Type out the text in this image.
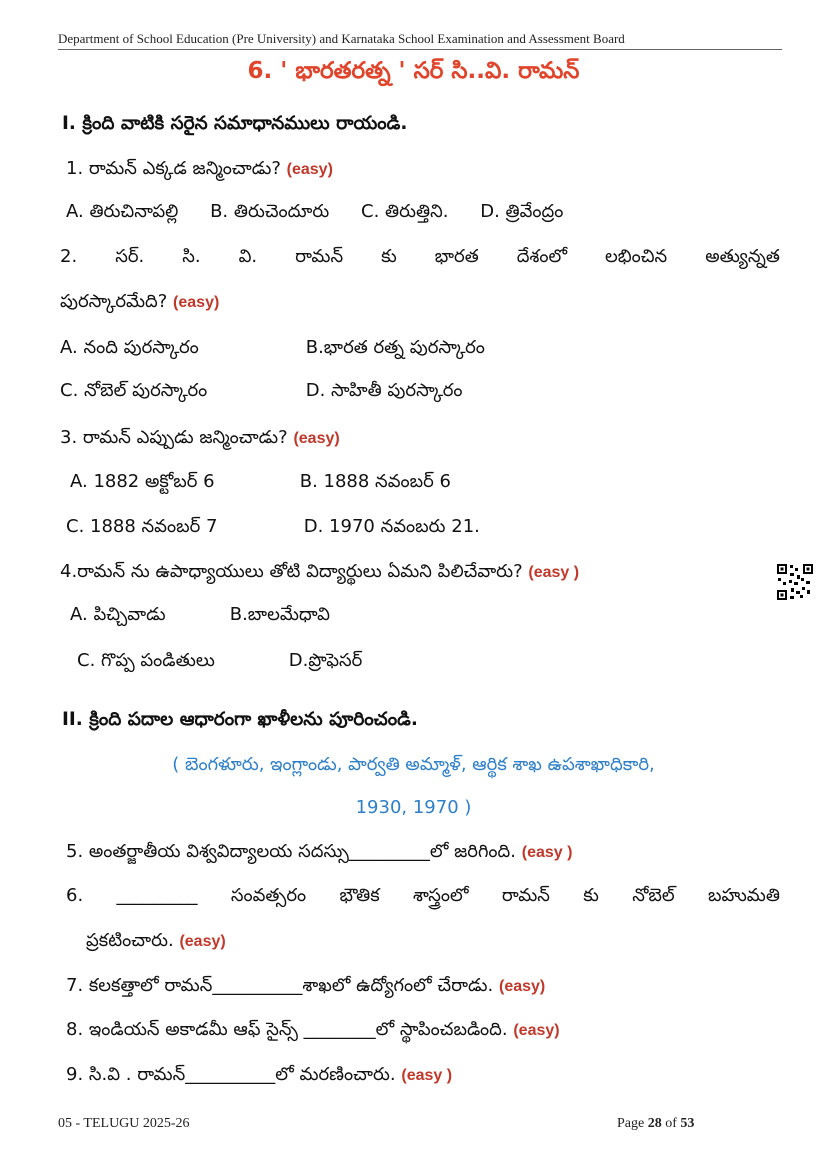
Department of School Education (Pre University) and Karnataka School Examination and Assessment Board
6. ' భారతరత్న ' సర్ సి..వి. రామన్
I. క్రింది వాటికి సరైన సమాధానములు రాయండి.
1. రామన్ ఎక్కడ జన్మించాడు? (easy)
A. తిరుచినాపల్లి B. తిరుచెందూరు C. తిరుత్తిని. D. త్రివేంద్రం
2. సర్. సి. వి. రామన్ కు భారత దేశంలో లభించిన అత్యున్నత
పురస్కారమేది? (easy)
A. నంది పురస్కారం	B.భారత రత్న పురస్కారం
C. నోబెల్ పురస్కారం	D. సాహితీ పురస్కారం
3. రామన్ ఎప్పుడు జన్మించాడు? (easy)
A. 1882 అక్టోబర్ 6	B. 1888 నవంబర్ 6
C. 1888 నవంబర్ 7	D. 1970 నవంబరు 21.
4.రామన్ ను ఉపాధ్యాయులు తోటి విద్యార్థులు ఏమని పిలిచేవారు? (easy )
A. పిచ్చివాడు	B.బాలమేధావి
C. గొప్ప పండితులు	D.ప్రొఫెసర్
II. క్రింది పదాల ఆధారంగా ఖాళీలను పూరించండి.
( బెంగళూరు, ఇంగ్లాండు, పార్వతి అమ్మాళ్, ఆర్థిక శాఖ ఉపశాఖాధికారి,
1930, 1970 )
5. అంతర్జాతీయ విశ్వవిద్యాలయ సదస్సు_________లో జరిగింది. (easy )
6. _________ సంవత్సరం భౌతిక శాస్త్రంలో రామన్ కు నోబెల్ బహుమతి
ప్రకటించారు. (easy)
7. కలకత్తాలో రామన్__________శాఖలో ఉద్యోగంలో చేరాడు. (easy)
8. ఇండియన్ అకాడమీ ఆఫ్ సైన్స్ ________లో స్థాపించబడింది. (easy)
9. సి.వి . రామన్__________లో మరణించారు. (easy )
05 - TELUGU 2025-26	Page 28 of 53
